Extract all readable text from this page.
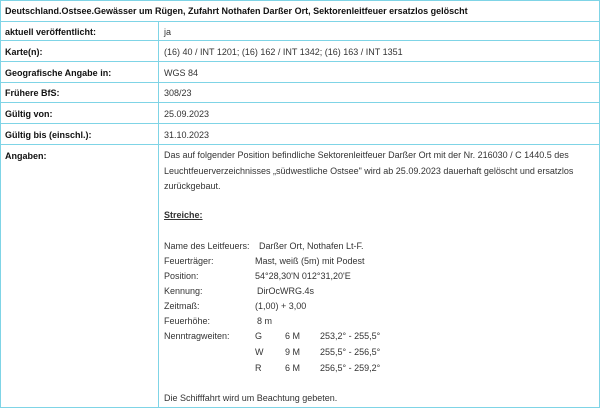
Deutschland.Ostsee.Gewässer um Rügen, Zufahrt Nothafen Darßer Ort, Sektorenleitfeuer ersatzlos gelöscht
aktuell veröffentlicht:	ja
Karte(n):	(16) 40 / INT 1201; (16) 162 / INT 1342; (16) 163 / INT 1351
Geografische Angabe in:	WGS 84
Frühere BfS:	308/23
Gültig von:	25.09.2023
Gültig bis (einschl.):	31.10.2023
Angaben:	Das auf folgender Position befindliche Sektorenleitfeuer Darßer Ort mit der Nr. 216030 / C 1440.5 des

Leuchtfeuerverzeichnisses „südwestliche Ostsee" wird ab 25.09.2023 dauerhaft gelöscht und ersatzlos

zurückgebaut.

Streiche:
Name des Leitfeuers: Darßer Ort, Nothafen Lt-F.
Feuerträger:	Mast, weiß (5m) mit Podest
Position:	54°28,30'N 012°31,20'E
Kennung:	DirOcWRG.4s
Zeitmaß:	(1,00) + 3,00
Feuerhöhe:	8 m
Nenntragweiten:	G	6 M 253,2° - 255,5°
W 9 M 255,5° - 256,5°
R	6 M 256,5° - 259,2°
Die Schifffahrt wird um Beachtung gebeten.
